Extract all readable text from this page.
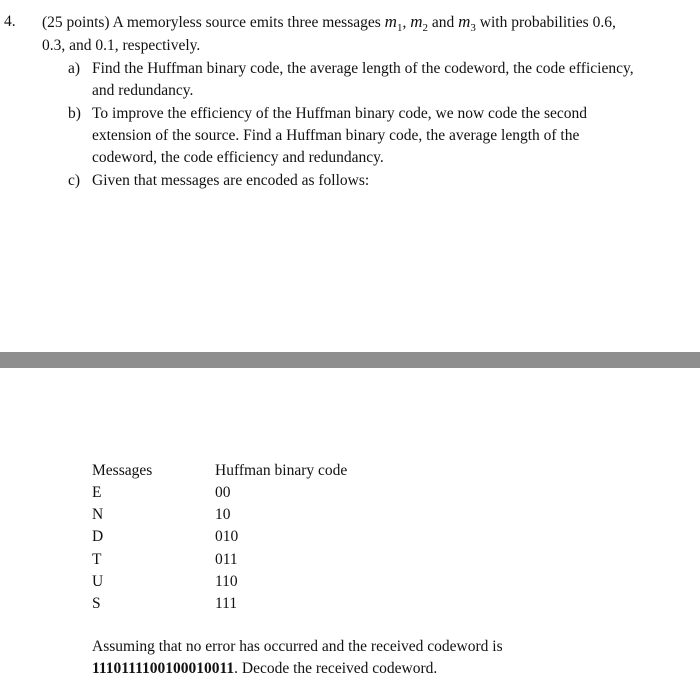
4. (25 points) A memoryless source emits three messages $m_1$, $m_2$ and $m_3$ with probabilities 0.6,
0.3, and 0.1, respectively.
a) Find the Huffman binary code, the average length of the codeword, the code efficiency,
and redundancy.
b) To improve the efficiency of the Huffman binary code, we now code the second
extension of the source. Find a Huffman binary code, the average length of the
codeword, the code efficiency and redundancy.
c) Given that messages are encoded as follows:
Messages	Huffman binary code
E	00
N	10
D	010
T	011
U	110
S	111
Assuming that no error has occurred and the received codeword is
1110111100100010011. Decode the received codeword.
